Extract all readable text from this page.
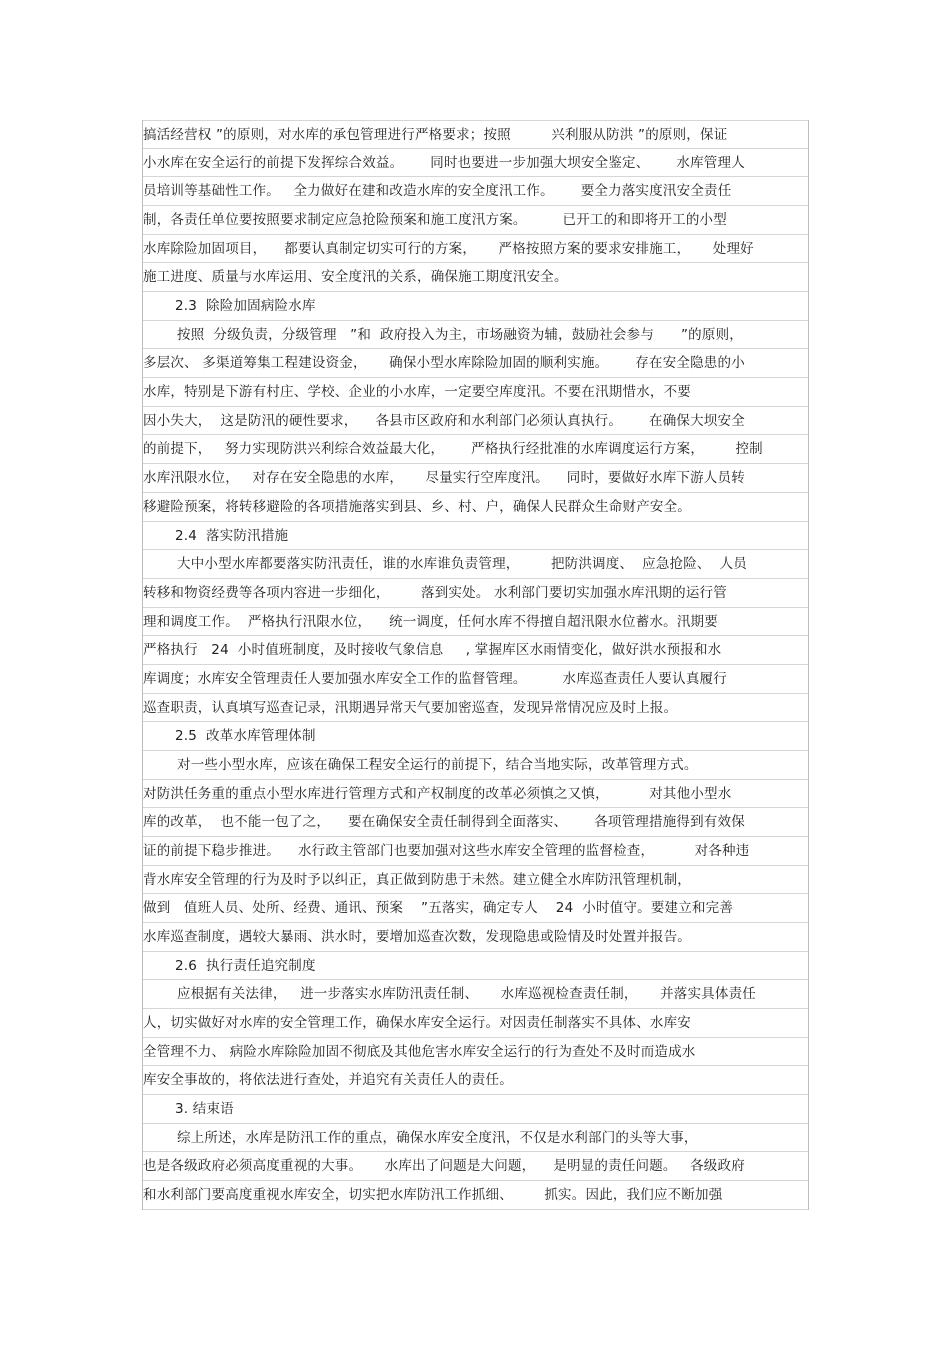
搞活经营权 ”的原则，对水库的承包管理进行严格要求；按照         兴利服从防洪 ”的原则，保证
小水库在安全运行的前提下发挥综合效益。      同时也要进一步加强大坝安全鉴定、      水库管理人
员培训等基础性工作。   全力做好在建和改造水库的安全度汛工作。      要全力落实度汛安全责任
制，各责任单位要按照要求制定应急抢险预案和施工度汛方案。        已开工的和即将开工的小型
水库除险加固项目，    都要认真制定切实可行的方案，     严格按照方案的要求安排施工，     处理好
施工进度、质量与水库运用、安全度汛的关系，确保施工期度汛安全。
2.3  除险加固病险水库
按照  分级负责，分级管理   ”和  政府投入为主，市场融资为辅，鼓励社会参与      ”的原则，
多层次、 多渠道筹集工程建设资金，     确保小型水库除险加固的顺利实施。      存在安全隐患的小
水库，特别是下游有村庄、学校、企业的小水库，一定要空库度汛。不要在汛期惜水，不要
因小失大，  这是防汛的硬性要求，    各县市区政府和水利部门必须认真执行。      在确保大坝安全
的前提下，   努力实现防洪兴利综合效益最大化，      严格执行经批准的水库调度运行方案，       控制
水库汛限水位，   对存在安全隐患的水库，     尽量实行空库度汛。    同时，要做好水库下游人员转
移避险预案，将转移避险的各项措施落实到县、乡、村、户，确保人民群众生命财产安全。
2.4  落实防汛措施
大中小型水库都要落实防汛责任，谁的水库谁负责管理，       把防洪调度、  应急抢险、  人员
转移和物资经费等各项内容进一步细化，       落到实处。 水利部门要切实加强水库汛期的运行管
理和调度工作。  严格执行汛限水位，    统一调度，任何水库不得擅自超汛限水位蓄水。汛期要
严格执行   24  小时值班制度，及时接收气象信息     , 掌握库区水雨情变化，做好洪水预报和水
库调度；水库安全管理责任人要加强水库安全工作的监督管理。        水库巡查责任人要认真履行
巡查职责，认真填写巡查记录，汛期遇异常天气要加密巡查，发现异常情况应及时上报。
2.5  改革水库管理体制
对一些小型水库，应该在确保工程安全运行的前提下，结合当地实际，改革管理方式。
对防洪任务重的重点小型水库进行管理方式和产权制度的改革必须慎之又慎，         对其他小型水
库的改革，  也不能一包了之，    要在确保安全责任制得到全面落实、      各项管理措施得到有效保
证的前提下稳步推进。    水行政主管部门也要加强对这些水库安全管理的监督检查，         对各种违
背水库安全管理的行为及时予以纠正，真正做到防患于未然。建立健全水库防汛管理机制，
做到   值班人员、处所、经费、通讯、预案    ”五落实，确定专人    24  小时值守。要建立和完善
水库巡查制度，遇较大暴雨、洪水时，要增加巡查次数，发现隐患或险情及时处置并报告。
2.6  执行责任追究制度
应根据有关法律，   进一步落实水库防汛责任制、     水库巡视检查责任制，     并落实具体责任
人，切实做好对水库的安全管理工作，确保水库安全运行。对因责任制落实不具体、水库安
全管理不力、 病险水库除险加固不彻底及其他危害水库安全运行的行为查处不及时而造成水
库安全事故的，将依法进行查处，并追究有关责任人的责任。
3. 结束语
综上所述，水库是防汛工作的重点，确保水库安全度汛，不仅是水利部门的头等大事，
也是各级政府必须高度重视的大事。     水库出了问题是大问题，    是明显的责任问题。   各级政府
和水利部门要高度重视水库安全，切实把水库防汛工作抓细、       抓实。因此，我们应不断加强
